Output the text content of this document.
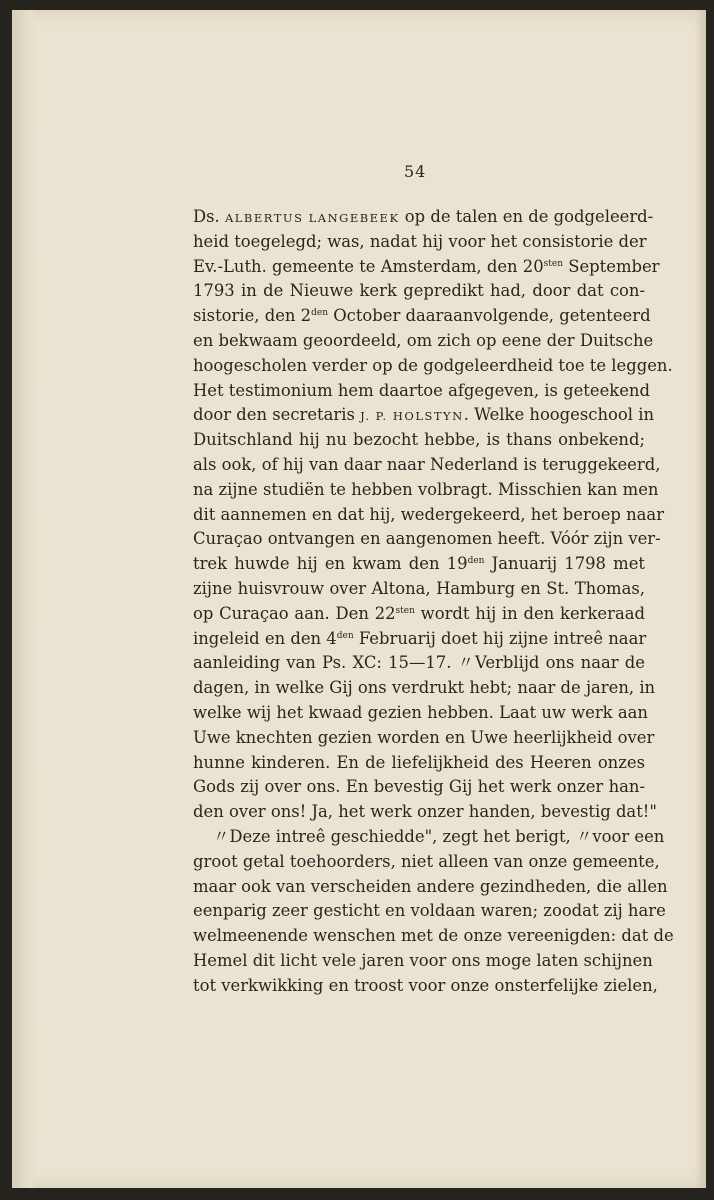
54
Ds. ALBERTUS LANGEBEEK op de talen en de godgeleerd-
heid toegelegd; was, nadat hij voor het consistorie der
Ev.-Luth. gemeente te Amsterdam, den $20^{sten}$ September
1793 in de Nieuwe kerk gepredikt had, door dat con-
sistorie, den $2^{den}$ October daaraanvolgende, getenteerd
en bekwaam geoordeeld, om zich op eene der Duitsche
hoogescholen verder op de godgeleerdheid toe te leggen.
Het testimonium hem daartoe afgegeven, is geteekend
door den secretaris J. P. HOLSTYN. Welke hoogeschool in
Duitschland hij nu bezocht hebbe, is thans onbekend;
als ook, of hij van daar naar Nederland is teruggekeerd,
na zijne studiën te hebben volbragt. Misschien kan men
dit aannemen en dat hij, wedergekeerd, het beroep naar
Curaçao ontvangen en aangenomen heeft. Vóór zijn ver-
trek huwde hij en kwam den $19^{den}$ Januarij 1798 met
zijne huisvrouw over Altona, Hamburg en St. Thomas,
op Curaçao aan. Den $22^{sten}$ wordt hij in den kerkeraad
ingeleid en den $4^{den}$ Februarij doet hij zijne intreê naar
aanleiding van Ps. XC: 15—17. 〃Verblijd ons naar de
dagen, in welke Gij ons verdrukt hebt; naar de jaren, in
welke wij het kwaad gezien hebben. Laat uw werk aan
Uwe knechten gezien worden en Uwe heerlijkheid over
hunne kinderen. En de liefelijkheid des Heeren onzes
Gods zij over ons. En bevestig Gij het werk onzer han-
den over ons! Ja, het werk onzer handen, bevestig dat!"
〃Deze intreê geschiedde", zegt het berigt, 〃voor een
groot getal toehoorders, niet alleen van onze gemeente,
maar ook van verscheiden andere gezindheden, die allen
eenparig zeer gesticht en voldaan waren; zoodat zij hare
welmeenende wenschen met de onze vereenigden: dat de
Hemel dit licht vele jaren voor ons moge laten schijnen
tot verkwikking en troost voor onze onsterfelijke zielen,
